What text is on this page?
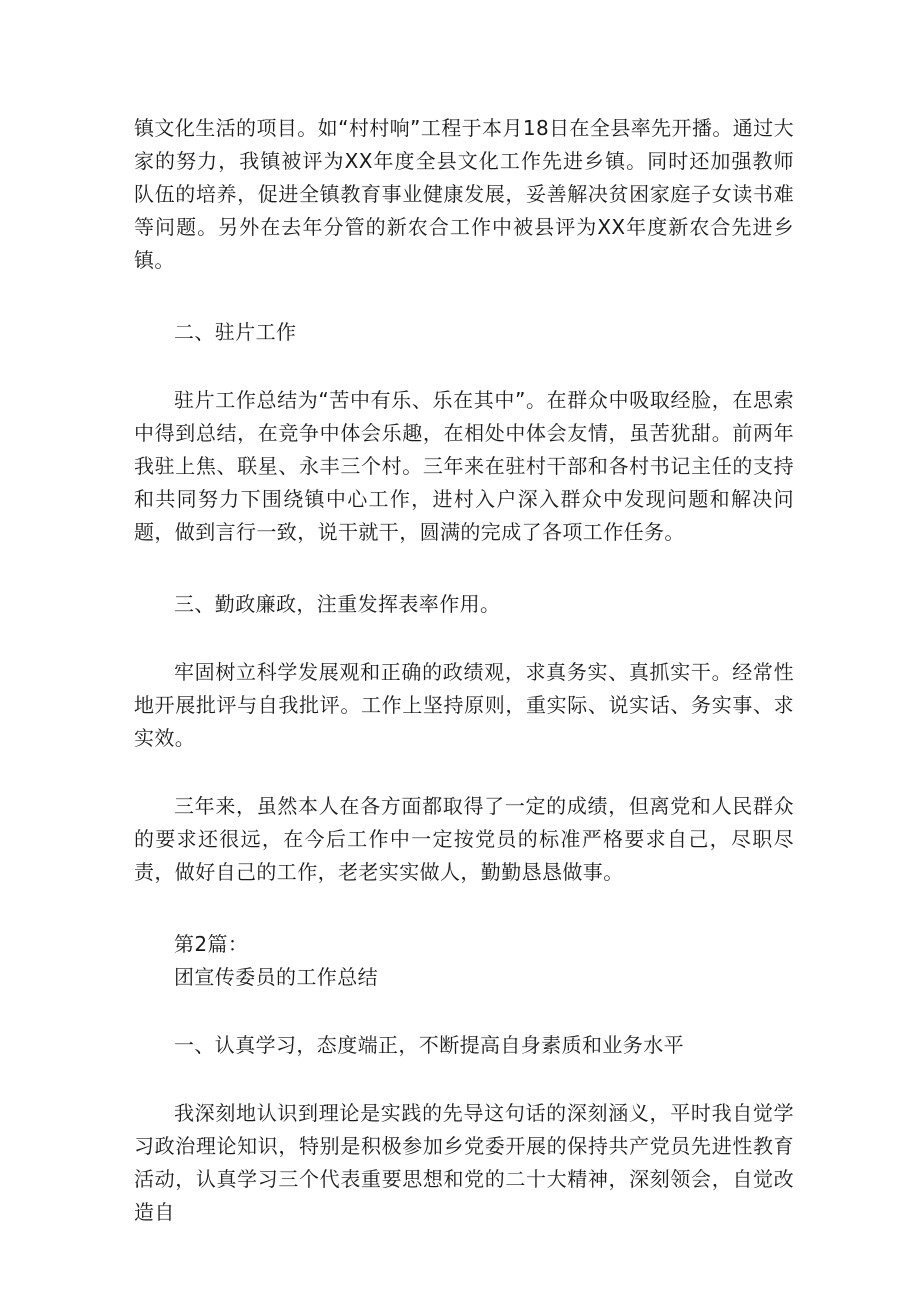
镇文化生活的项目。如“村村响”工程于本月18日在全县率先开播。通过大家的努力，我镇被评为XX年度全县文化工作先进乡镇。同时还加强教师队伍的培养，促进全镇教育事业健康发展，妥善解决贫困家庭子女读书难等问题。另外在去年分管的新农合工作中被县评为XX年度新农合先进乡镇。

二、驻片工作

驻片工作总结为“苦中有乐、乐在其中”。在群众中吸取经脸，在思索中得到总结，在竞争中体会乐趣，在相处中体会友情，虽苦犹甜。前两年我驻上焦、联星、永丰三个村。三年来在驻村干部和各村书记主任的支持和共同努力下围绕镇中心工作，进村入户深入群众中发现问题和解决问题，做到言行一致，说干就干，圆满的完成了各项工作任务。

三、勤政廉政，注重发挥表率作用。

牢固树立科学发展观和正确的政绩观，求真务实、真抓实干。经常性地开展批评与自我批评。工作上坚持原则，重实际、说实话、务实事、求实效。

三年来，虽然本人在各方面都取得了一定的成绩，但离党和人民群众的要求还很远，在今后工作中一定按党员的标准严格要求自己，尽职尽责，做好自己的工作，老老实实做人，勤勤恳恳做事。

第2篇：

团宣传委员的工作总结

一、认真学习，态度端正，不断提高自身素质和业务水平

我深刻地认识到理论是实践的先导这句话的深刻涵义，平时我自觉学习政治理论知识，特别是积极参加乡党委开展的保持共产党员先进性教育活动，认真学习三个代表重要思想和党的二十大精神，深刻领会，自觉改造自
